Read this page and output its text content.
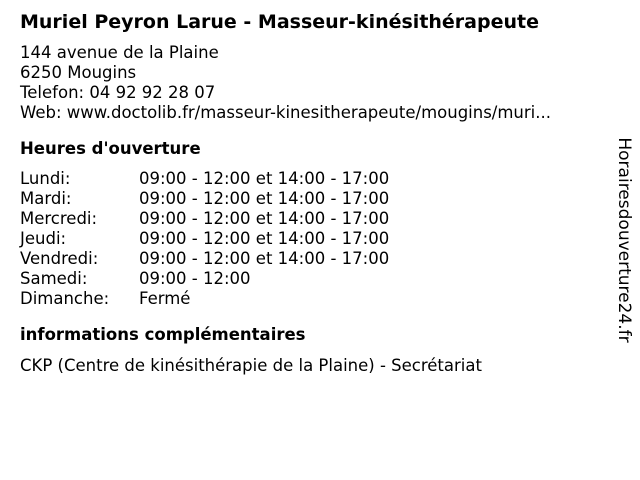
Muriel Peyron Larue - Masseur-kinésithérapeute
144 avenue de la Plaine
6250 Mougins
Telefon: 04 92 92 28 07
Web: www.doctolib.fr/masseur-kinesitherapeute/mougins/muri...
Heures d'ouverture
Lundi:	09:00 - 12:00 et 14:00 - 17:00
Mardi:	09:00 - 12:00 et 14:00 - 17:00
Mercredi:	09:00 - 12:00 et 14:00 - 17:00
Jeudi:	09:00 - 12:00 et 14:00 - 17:00
Vendredi:	09:00 - 12:00 et 14:00 - 17:00
Samedi:	09:00 - 12:00
Dimanche:	Fermé
informations complémentaires
CKP (Centre de kinésithérapie de la Plaine) - Secrétariat
Horairesdouverture24.fr
